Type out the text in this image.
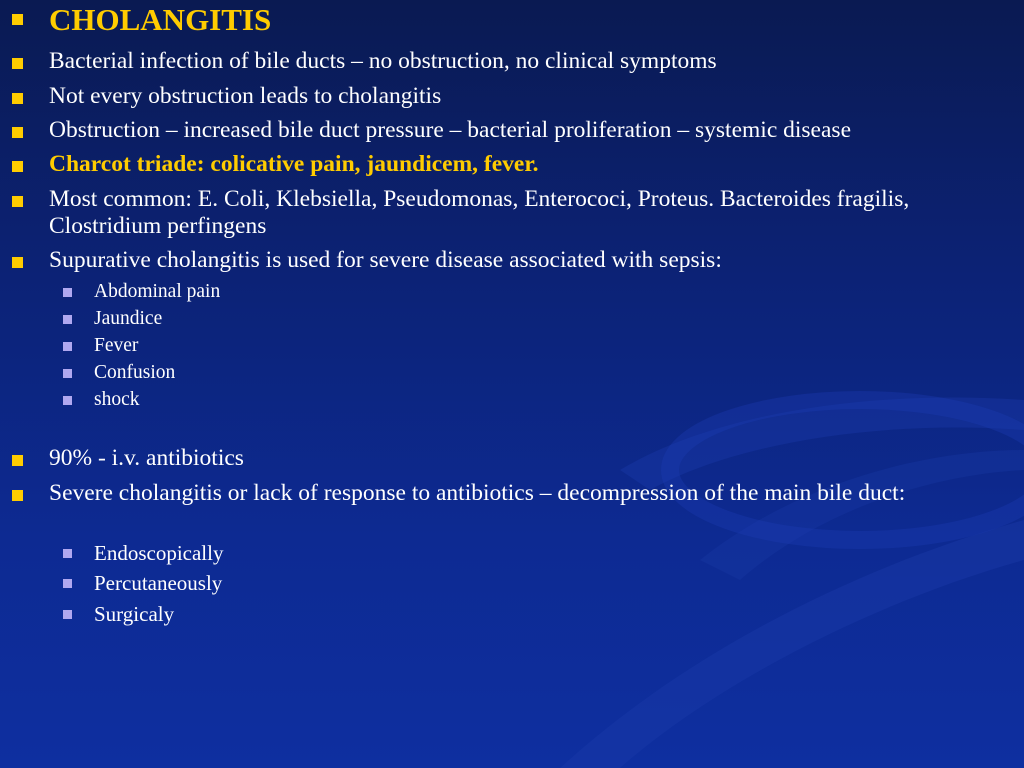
CHOLANGITIS
Bacterial infection of bile ducts – no obstruction, no clinical symptoms
Not every obstruction leads to cholangitis
Obstruction – increased bile duct pressure – bacterial proliferation – systemic disease
Charcot triade: colicative pain, jaundicem, fever.
Most common: E. Coli, Klebsiella, Pseudomonas, Enterococi, Proteus. Bacteroides fragilis, Clostridium perfingens
Supurative cholangitis is used for severe disease associated with sepsis:
Abdominal pain
Jaundice
Fever
Confusion
shock
90% - i.v. antibiotics
Severe cholangitis or lack of response to antibiotics – decompression of the main bile duct:
Endoscopically
Percutaneously
Surgicaly
